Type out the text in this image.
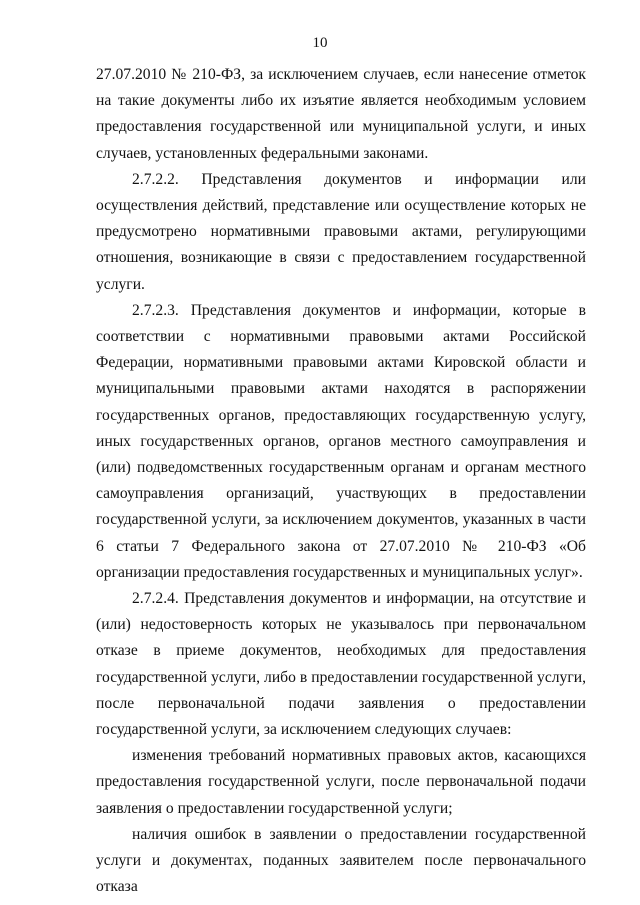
10

27.07.2010 № 210-ФЗ, за исключением случаев, если нанесение отметок на такие документы либо их изъятие является необходимым условием предоставления государственной или муниципальной услуги, и иных случаев, установленных федеральными законами.

2.7.2.2. Представления документов и информации или осуществления действий, представление или осуществление которых не предусмотрено нормативными правовыми актами, регулирующими отношения, возникающие в связи с предоставлением государственной услуги.

2.7.2.3. Представления документов и информации, которые в соответствии с нормативными правовыми актами Российской Федерации, нормативными правовыми актами Кировской области и муниципальными правовыми актами находятся в распоряжении государственных органов, предоставляющих государственную услугу, иных государственных органов, органов местного самоуправления и (или) подведомственных государственным органам и органам местного самоуправления организаций, участвующих в предоставлении государственной услуги, за исключением документов, указанных в части 6 статьи 7 Федерального закона от 27.07.2010 № 210-ФЗ «Об организации предоставления государственных и муниципальных услуг».

2.7.2.4. Представления документов и информации, на отсутствие и (или) недостоверность которых не указывалось при первоначальном отказе в приеме документов, необходимых для предоставления государственной услуги, либо в предоставлении государственной услуги, после первоначальной подачи заявления о предоставлении государственной услуги, за исключением следующих случаев:

изменения требований нормативных правовых актов, касающихся предоставления государственной услуги, после первоначальной подачи заявления о предоставлении государственной услуги;

наличия ошибок в заявлении о предоставлении государственной услуги и документах, поданных заявителем после первоначального отказа
